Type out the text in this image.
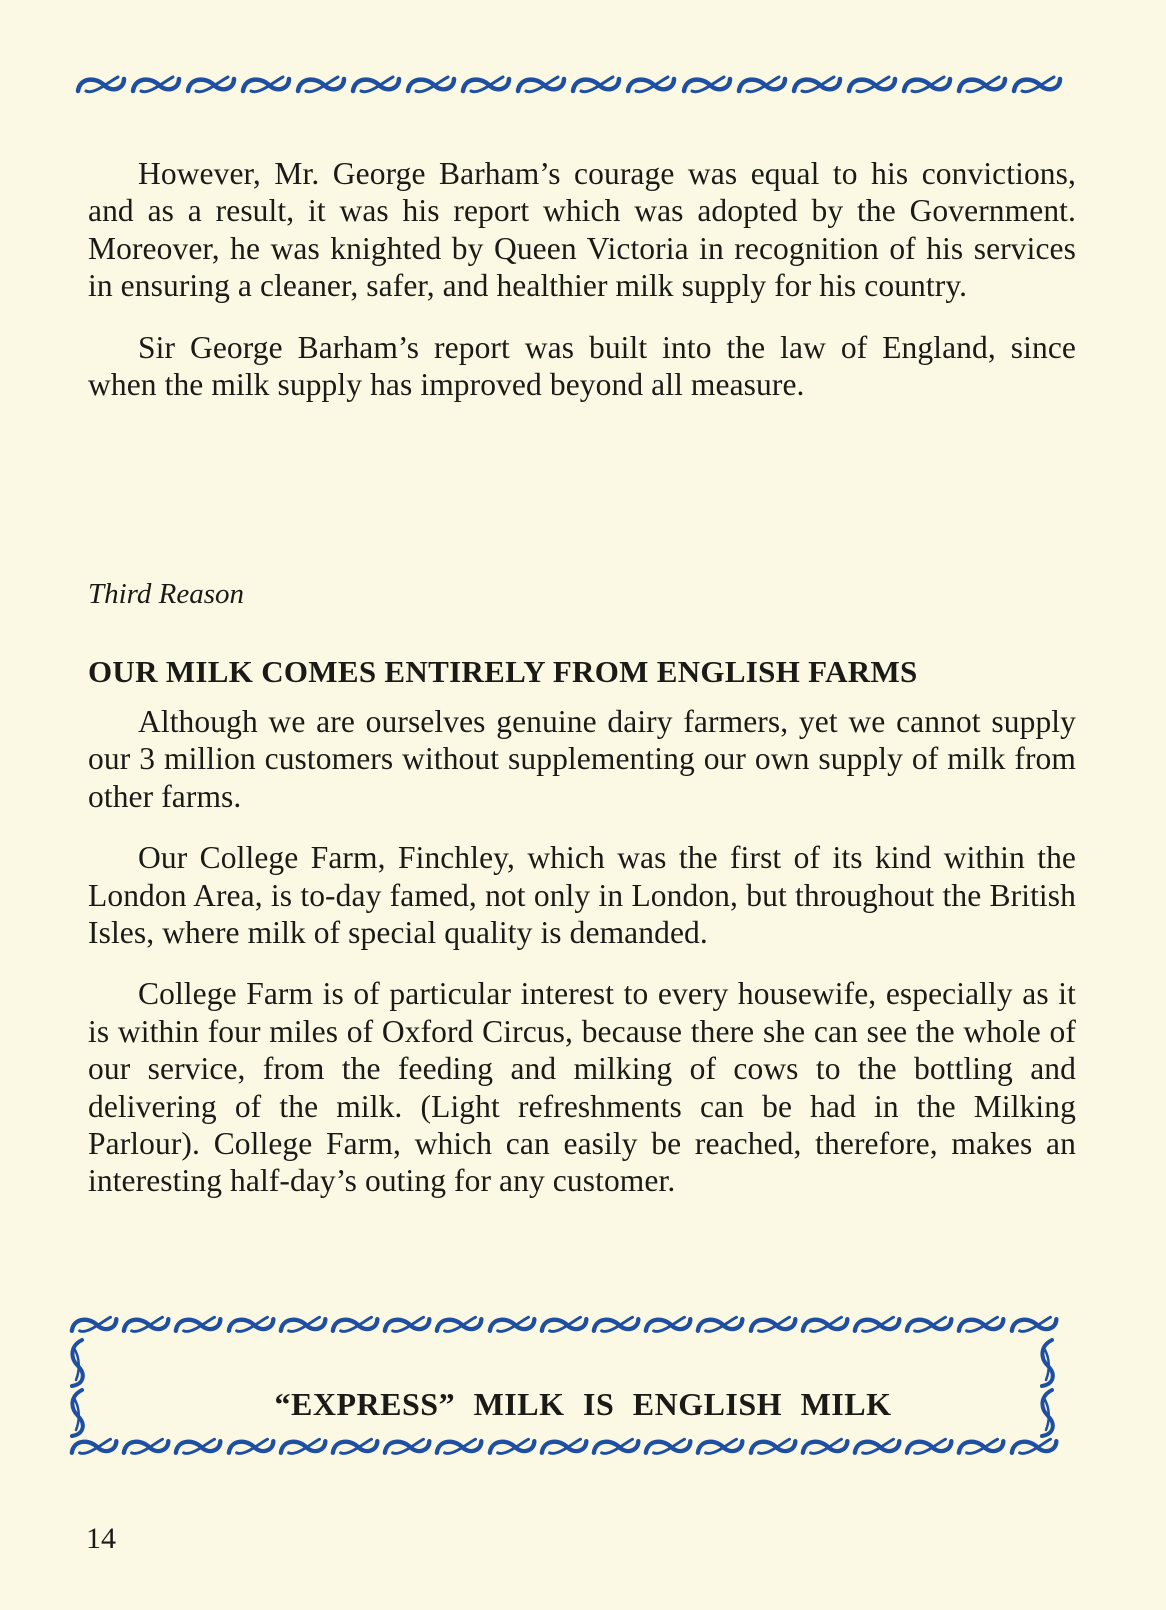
However, Mr. George Barham’s courage was equal to his convictions, and as a result, it was his report which was adopted by the Government. Moreover, he was knighted by Queen Victoria in recognition of his services in ensuring a cleaner, safer, and healthier milk supply for his country.

Sir George Barham’s report was built into the law of England, since when the milk supply has improved beyond all measure.

Third Reason
OUR MILK COMES ENTIRELY FROM ENGLISH FARMS

Although we are ourselves genuine dairy farmers, yet we cannot supply our 3 million customers without supplementing our own supply of milk from other farms.

Our College Farm, Finchley, which was the first of its kind within the London Area, is to-day famed, not only in London, but throughout the British Isles, where milk of special quality is demanded.

College Farm is of particular interest to every housewife, especially as it is within four miles of Oxford Circus, because there she can see the whole of our service, from the feeding and milking of cows to the bottling and delivering of the milk. (Light refreshments can be had in the Milking Parlour). College Farm, which can easily be reached, therefore, makes an interesting half-day’s outing for any customer.

“EXPRESS” MILK IS ENGLISH MILK
14
